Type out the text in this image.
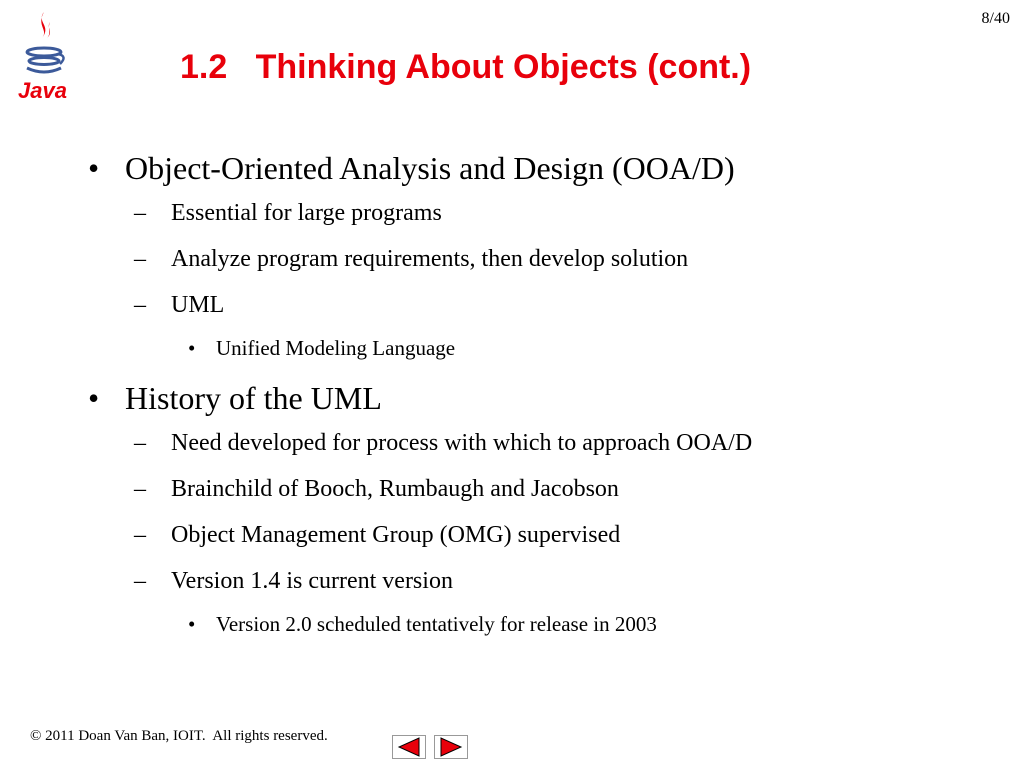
Java
8/40
1.2   Thinking About Objects (cont.)
• Object-Oriented Analysis and Design (OOA/D)
– Essential for large programs
– Analyze program requirements, then develop solution
– UML
• Unified Modeling Language
• History of the UML
– Need developed for process with which to approach OOA/D
– Brainchild of Booch, Rumbaugh and Jacobson
– Object Management Group (OMG) supervised
– Version 1.4 is current version
• Version 2.0 scheduled tentatively for release in 2003
© 2011 Doan Van Ban, IOIT.  All rights reserved.
